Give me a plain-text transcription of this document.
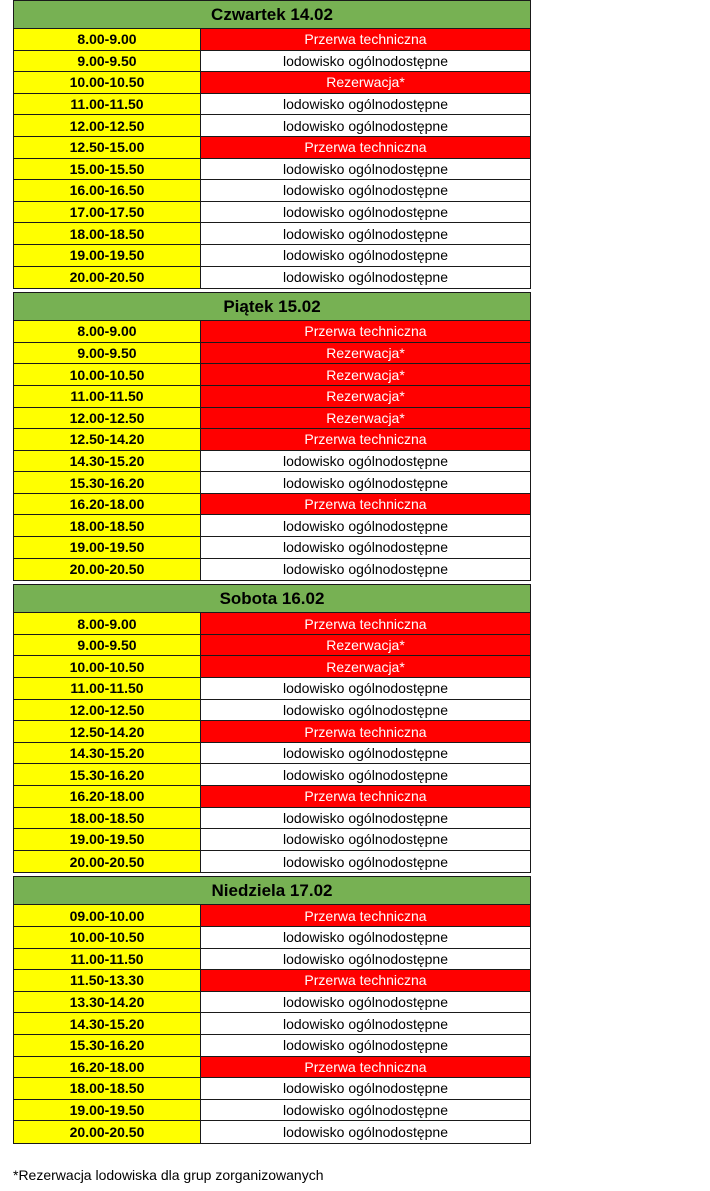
Czwartek 14.02
8.00-9.00	Przerwa techniczna
9.00-9.50	lodowisko ogólnodostępne
10.00-10.50	Rezerwacja*
11.00-11.50	lodowisko ogólnodostępne
12.00-12.50	lodowisko ogólnodostępne
12.50-15.00	Przerwa techniczna
15.00-15.50	lodowisko ogólnodostępne
16.00-16.50	lodowisko ogólnodostępne
17.00-17.50	lodowisko ogólnodostępne
18.00-18.50	lodowisko ogólnodostępne
19.00-19.50	lodowisko ogólnodostępne
20.00-20.50	lodowisko ogólnodostępne
Piątek 15.02
8.00-9.00	Przerwa techniczna
9.00-9.50	Rezerwacja*
10.00-10.50	Rezerwacja*
11.00-11.50	Rezerwacja*
12.00-12.50	Rezerwacja*
12.50-14.20	Przerwa techniczna
14.30-15.20	lodowisko ogólnodostępne
15.30-16.20	lodowisko ogólnodostępne
16.20-18.00	Przerwa techniczna
18.00-18.50	lodowisko ogólnodostępne
19.00-19.50	lodowisko ogólnodostępne
20.00-20.50	lodowisko ogólnodostępne
Sobota 16.02
8.00-9.00	Przerwa techniczna
9.00-9.50	Rezerwacja*
10.00-10.50	Rezerwacja*
11.00-11.50	lodowisko ogólnodostępne
12.00-12.50	lodowisko ogólnodostępne
12.50-14.20	Przerwa techniczna
14.30-15.20	lodowisko ogólnodostępne
15.30-16.20	lodowisko ogólnodostępne
16.20-18.00	Przerwa techniczna
18.00-18.50	lodowisko ogólnodostępne
19.00-19.50	lodowisko ogólnodostępne
20.00-20.50	lodowisko ogólnodostępne
Niedziela 17.02
09.00-10.00	Przerwa techniczna
10.00-10.50	lodowisko ogólnodostępne
11.00-11.50	lodowisko ogólnodostępne
11.50-13.30	Przerwa techniczna
13.30-14.20	lodowisko ogólnodostępne
14.30-15.20	lodowisko ogólnodostępne
15.30-16.20	lodowisko ogólnodostępne
16.20-18.00	Przerwa techniczna
18.00-18.50	lodowisko ogólnodostępne
19.00-19.50	lodowisko ogólnodostępne
20.00-20.50	lodowisko ogólnodostępne
*Rezerwacja lodowiska dla grup zorganizowanych
